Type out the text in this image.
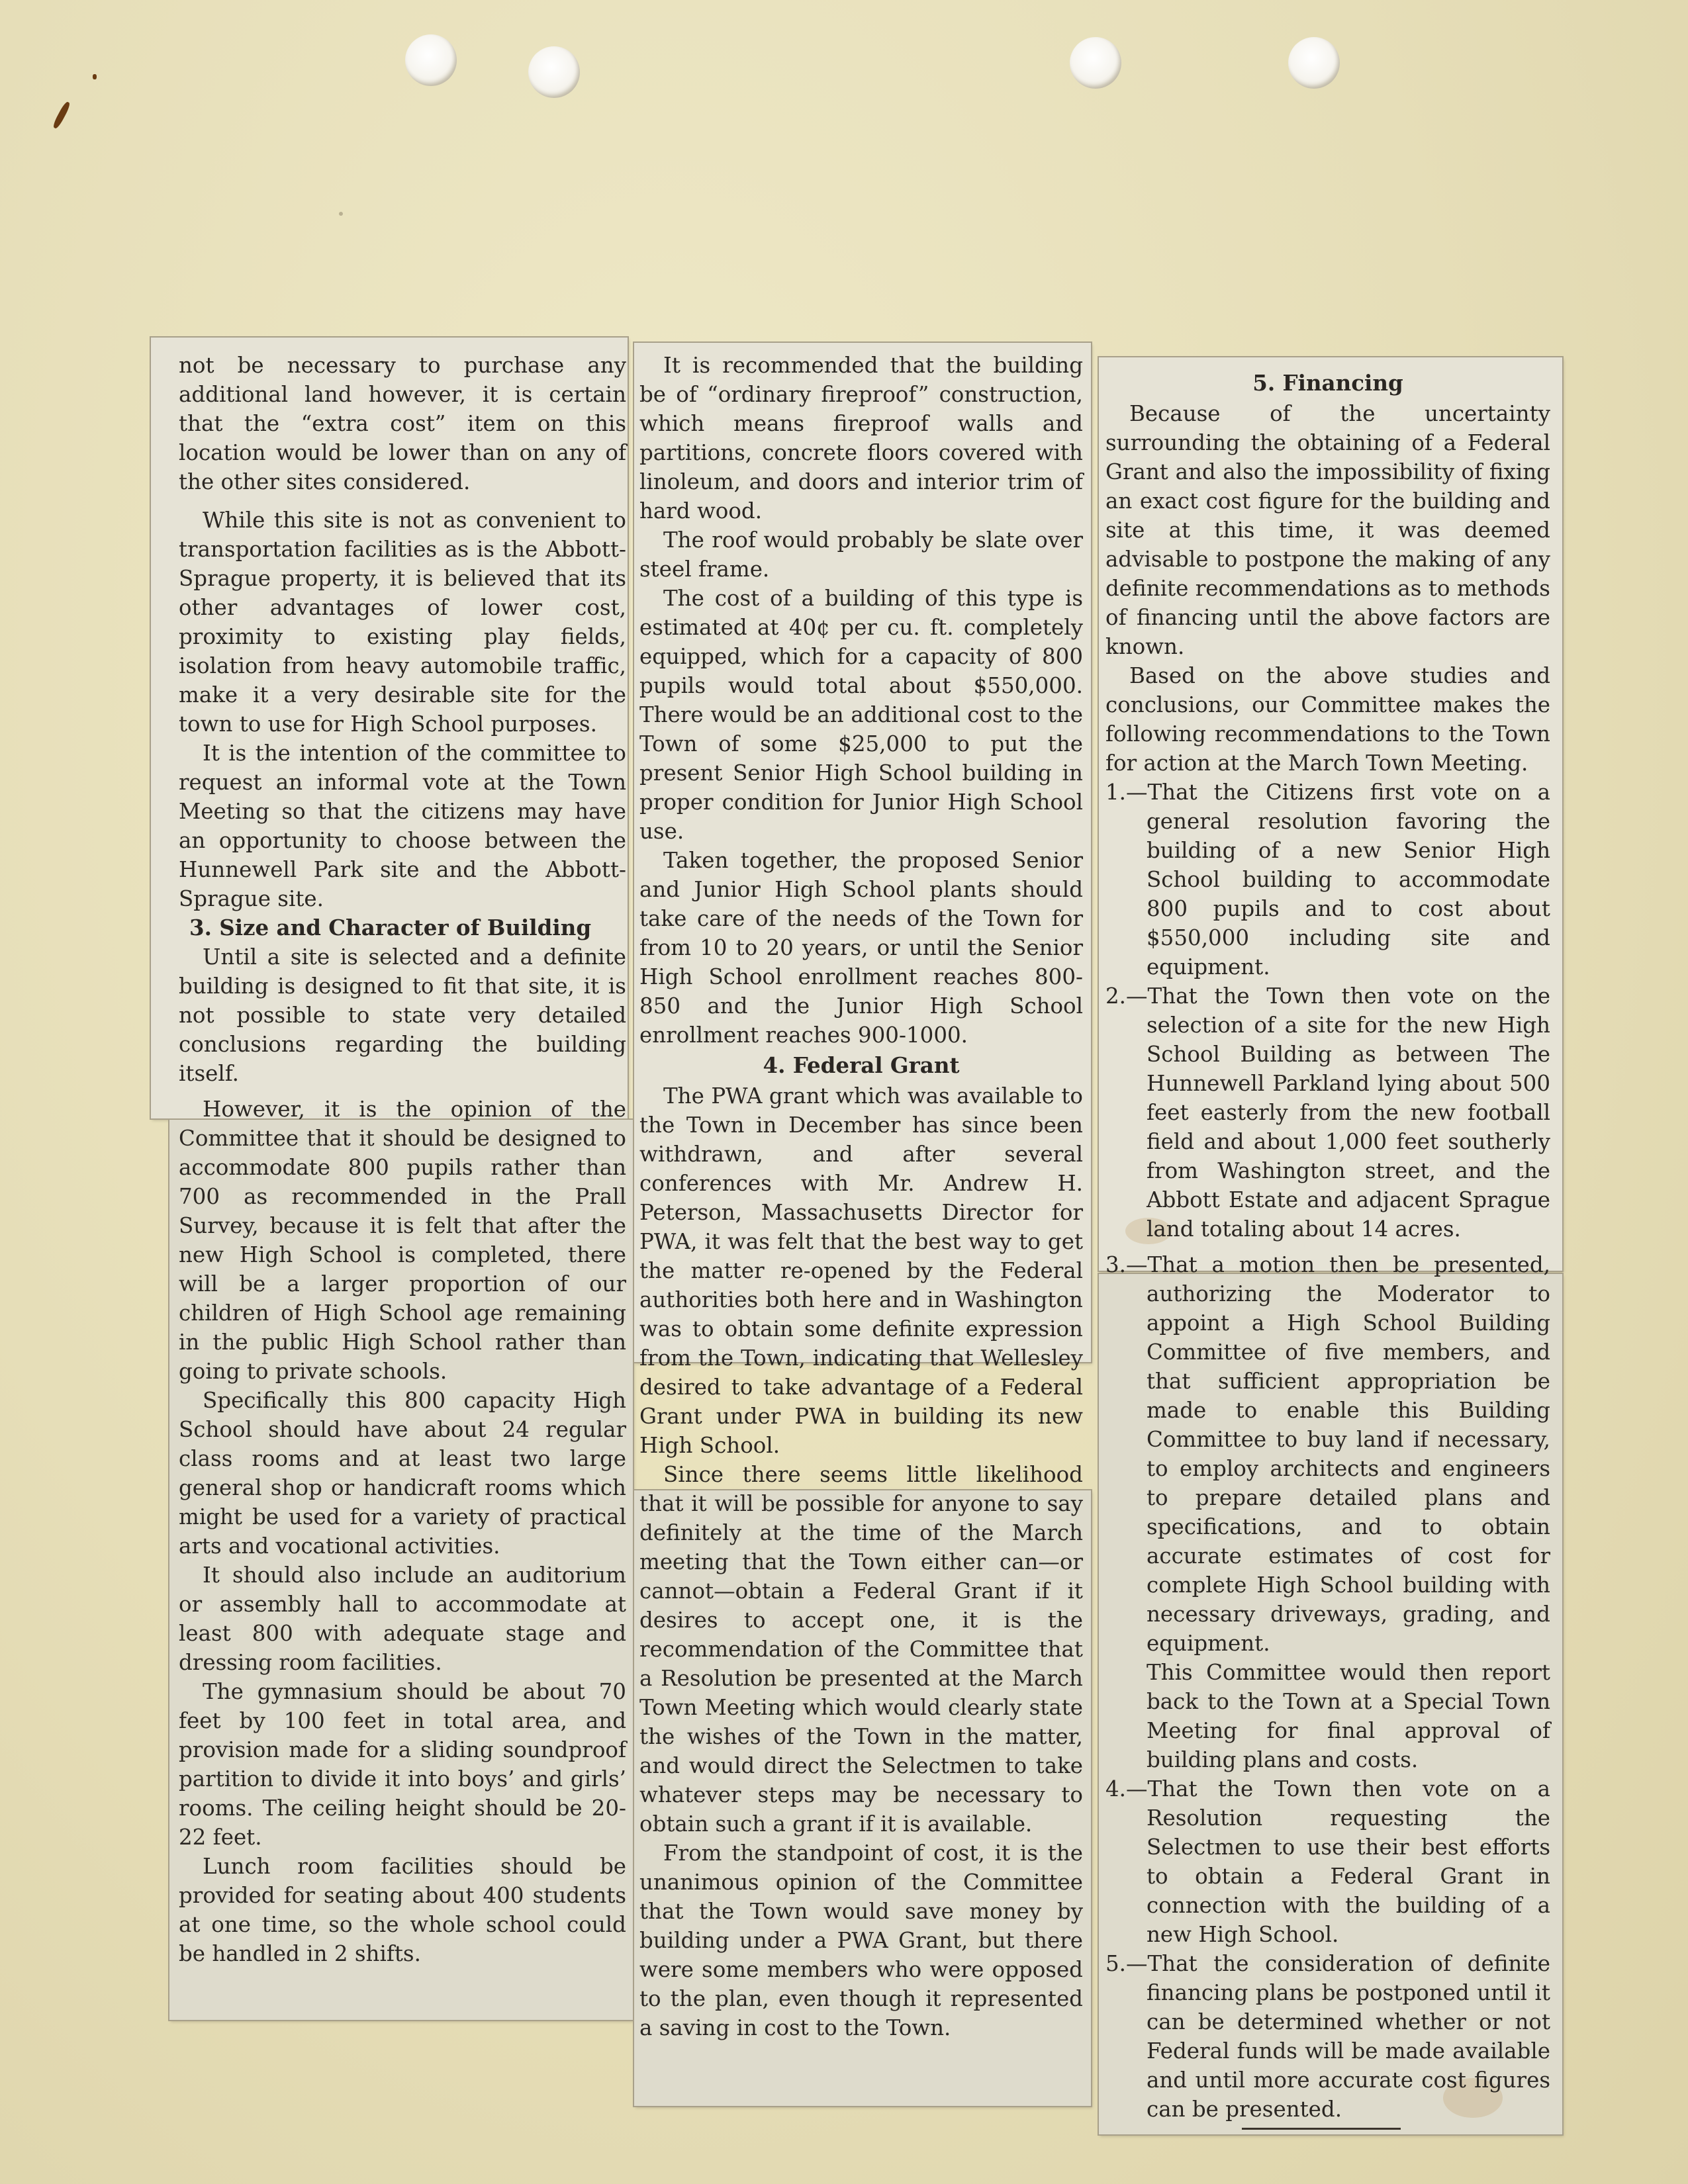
not be necessary to purchase any additional land however, it is certain that the “extra cost” item on this location would be lower than on any of the other sites considered.

While this site is not as convenient to transportation facilities as is the Abbott-Sprague property, it is believed that its other advantages of lower cost, proximity to existing play fields, isolation from heavy automobile traffic, make it a very desirable site for the town to use for High School purposes.

It is the intention of the committee to request an informal vote at the Town Meeting so that the citizens may have an opportunity to choose between the Hunnewell Park site and the Abbott-Sprague site.

3. Size and Character of Building

Until a site is selected and a definite building is designed to fit that site, it is not possible to state very detailed conclusions regarding the building itself.

However, it is the opinion of the Committee that it should be designed to accommodate 800 pupils rather than 700 as recommended in the Prall Survey, because it is felt that after the new High School is completed, there will be a larger proportion of our children of High School age remaining in the public High School rather than going to private schools.

Specifically this 800 capacity High School should have about 24 regular class rooms and at least two large general shop or handicraft rooms which might be used for a variety of practical arts and vocational activities.

It should also include an auditorium or assembly hall to accommodate at least 800 with adequate stage and dressing room facilities.

The gymnasium should be about 70 feet by 100 feet in total area, and provision made for a sliding soundproof partition to divide it into boys’ and girls’ rooms. The ceiling height should be 20-22 feet.

Lunch room facilities should be provided for seating about 400 students at one time, so the whole school could be handled in 2 shifts.

It is recommended that the building be of “ordinary fireproof” construction, which means fireproof walls and partitions, concrete floors covered with linoleum, and doors and interior trim of hard wood.

The roof would probably be slate over steel frame.

The cost of a building of this type is estimated at 40¢ per cu. ft. completely equipped, which for a capacity of 800 pupils would total about $550,000. There would be an additional cost to the Town of some $25,000 to put the present Senior High School building in proper condition for Junior High School use.

Taken together, the proposed Senior and Junior High School plants should take care of the needs of the Town for from 10 to 20 years, or until the Senior High School enrollment reaches 800-850 and the Junior High School enrollment reaches 900-1000.

4. Federal Grant

The PWA grant which was available to the Town in December has since been withdrawn, and after several conferences with Mr. Andrew H. Peterson, Massachusetts Director for PWA, it was felt that the best way to get the matter re-opened by the Federal authorities both here and in Washington was to obtain some definite expression from the Town, indicating that Wellesley desired to take advantage of a Federal Grant under PWA in building its new High School.

Since there seems little likelihood that it will be possible for anyone to say definitely at the time of the March meeting that the Town either can—or cannot—obtain a Federal Grant if it desires to accept one, it is the recommendation of the Committee that a Resolution be presented at the March Town Meeting which would clearly state the wishes of the Town in the matter, and would direct the Selectmen to take whatever steps may be necessary to obtain such a grant if it is available.

From the standpoint of cost, it is the unanimous opinion of the Committee that the Town would save money by building under a PWA Grant, but there were some members who were opposed to the plan, even though it represented a saving in cost to the Town.

5. Financing

Because of the uncertainty surrounding the obtaining of a Federal Grant and also the impossibility of fixing an exact cost figure for the building and site at this time, it was deemed advisable to postpone the making of any definite recommendations as to methods of financing until the above factors are known.

Based on the above studies and conclusions, our Committee makes the following recommendations to the Town for action at the March Town Meeting.

1.—That the Citizens first vote on a general resolution favoring the building of a new Senior High School building to accommodate 800 pupils and to cost about $550,000 including site and equipment.

2.—That the Town then vote on the selection of a site for the new High School Building as between The Hunnewell Parkland lying about 500 feet easterly from the new football field and about 1,000 feet southerly from Washington street, and the Abbott Estate and adjacent Sprague land totaling about 14 acres.

3.—That a motion then be presented, authorizing the Moderator to appoint a High School Building Committee of five members, and that sufficient appropriation be made to enable this Building Committee to buy land if necessary, to employ architects and engineers to prepare detailed plans and specifications, and to obtain accurate estimates of cost for complete High School building with necessary driveways, grading, and equipment.

This Committee would then report back to the Town at a Special Town Meeting for final approval of building plans and costs.

4.—That the Town then vote on a Resolution requesting the Selectmen to use their best efforts to obtain a Federal Grant in connection with the building of a new High School.

5.—That the consideration of definite financing plans be postponed until it can be determined whether or not Federal funds will be made available and until more accurate cost figures can be presented.
